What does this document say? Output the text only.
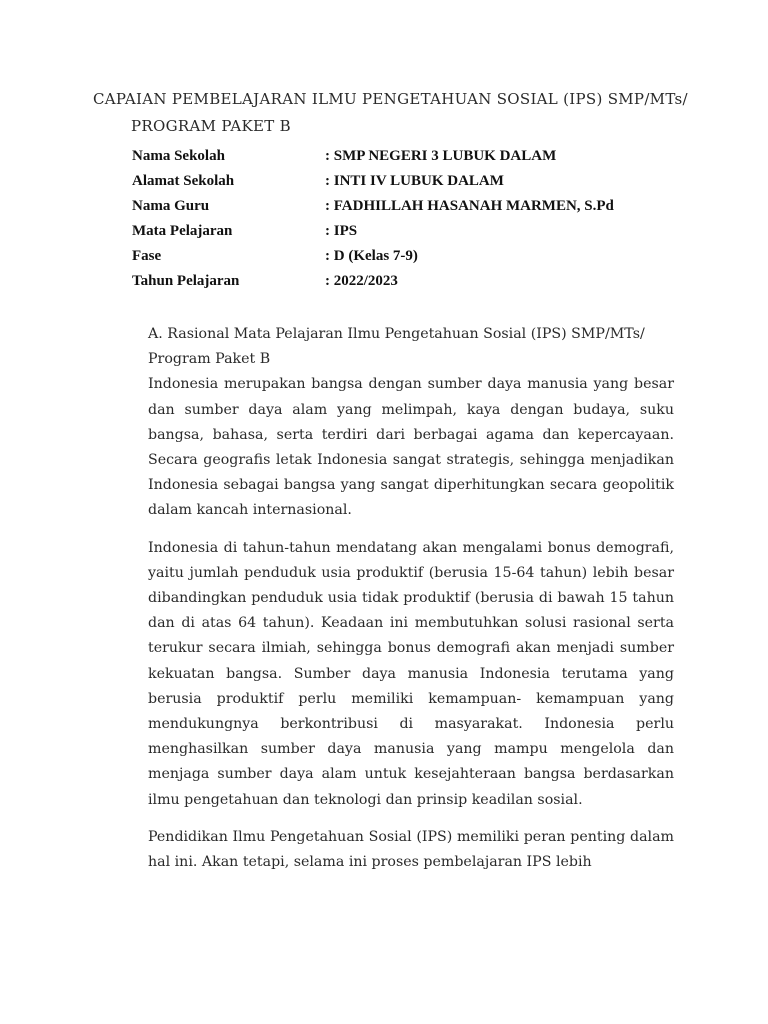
CAPAIAN PEMBELAJARAN ILMU PENGETAHUAN SOSIAL (IPS) SMP/MTs/
PROGRAM PAKET B
Nama Sekolah	: SMP NEGERI 3 LUBUK DALAM
Alamat Sekolah	: INTI IV LUBUK DALAM
Nama Guru	: FADHILLAH HASANAH MARMEN, S.Pd
Mata Pelajaran	: IPS
Fase	: D (Kelas 7-9)
Tahun Pelajaran	: 2022/2023

A. Rasional Mata Pelajaran Ilmu Pengetahuan Sosial (IPS) SMP/MTs/ Program Paket B

Indonesia merupakan bangsa dengan sumber daya manusia yang besar dan sumber daya alam yang melimpah, kaya dengan budaya, suku bangsa, bahasa, serta terdiri dari berbagai agama dan kepercayaan. Secara geografis letak Indonesia sangat strategis, sehingga menjadikan Indonesia sebagai bangsa yang sangat diperhitungkan secara geopolitik dalam kancah internasional.

Indonesia di tahun-tahun mendatang akan mengalami bonus demografi, yaitu jumlah penduduk usia produktif (berusia 15-64 tahun) lebih besar dibandingkan penduduk usia tidak produktif (berusia di bawah 15 tahun dan di atas 64 tahun). Keadaan ini membutuhkan solusi rasional serta terukur secara ilmiah, sehingga bonus demografi akan menjadi sumber kekuatan bangsa. Sumber daya manusia Indonesia terutama yang berusia produktif perlu memiliki kemampuan- kemampuan yang mendukungnya berkontribusi di masyarakat. Indonesia perlu menghasilkan sumber daya manusia yang mampu mengelola dan menjaga sumber daya alam untuk kesejahteraan bangsa berdasarkan ilmu pengetahuan dan teknologi dan prinsip keadilan sosial.

Pendidikan Ilmu Pengetahuan Sosial (IPS) memiliki peran penting dalam hal ini. Akan tetapi, selama ini proses pembelajaran IPS lebih
